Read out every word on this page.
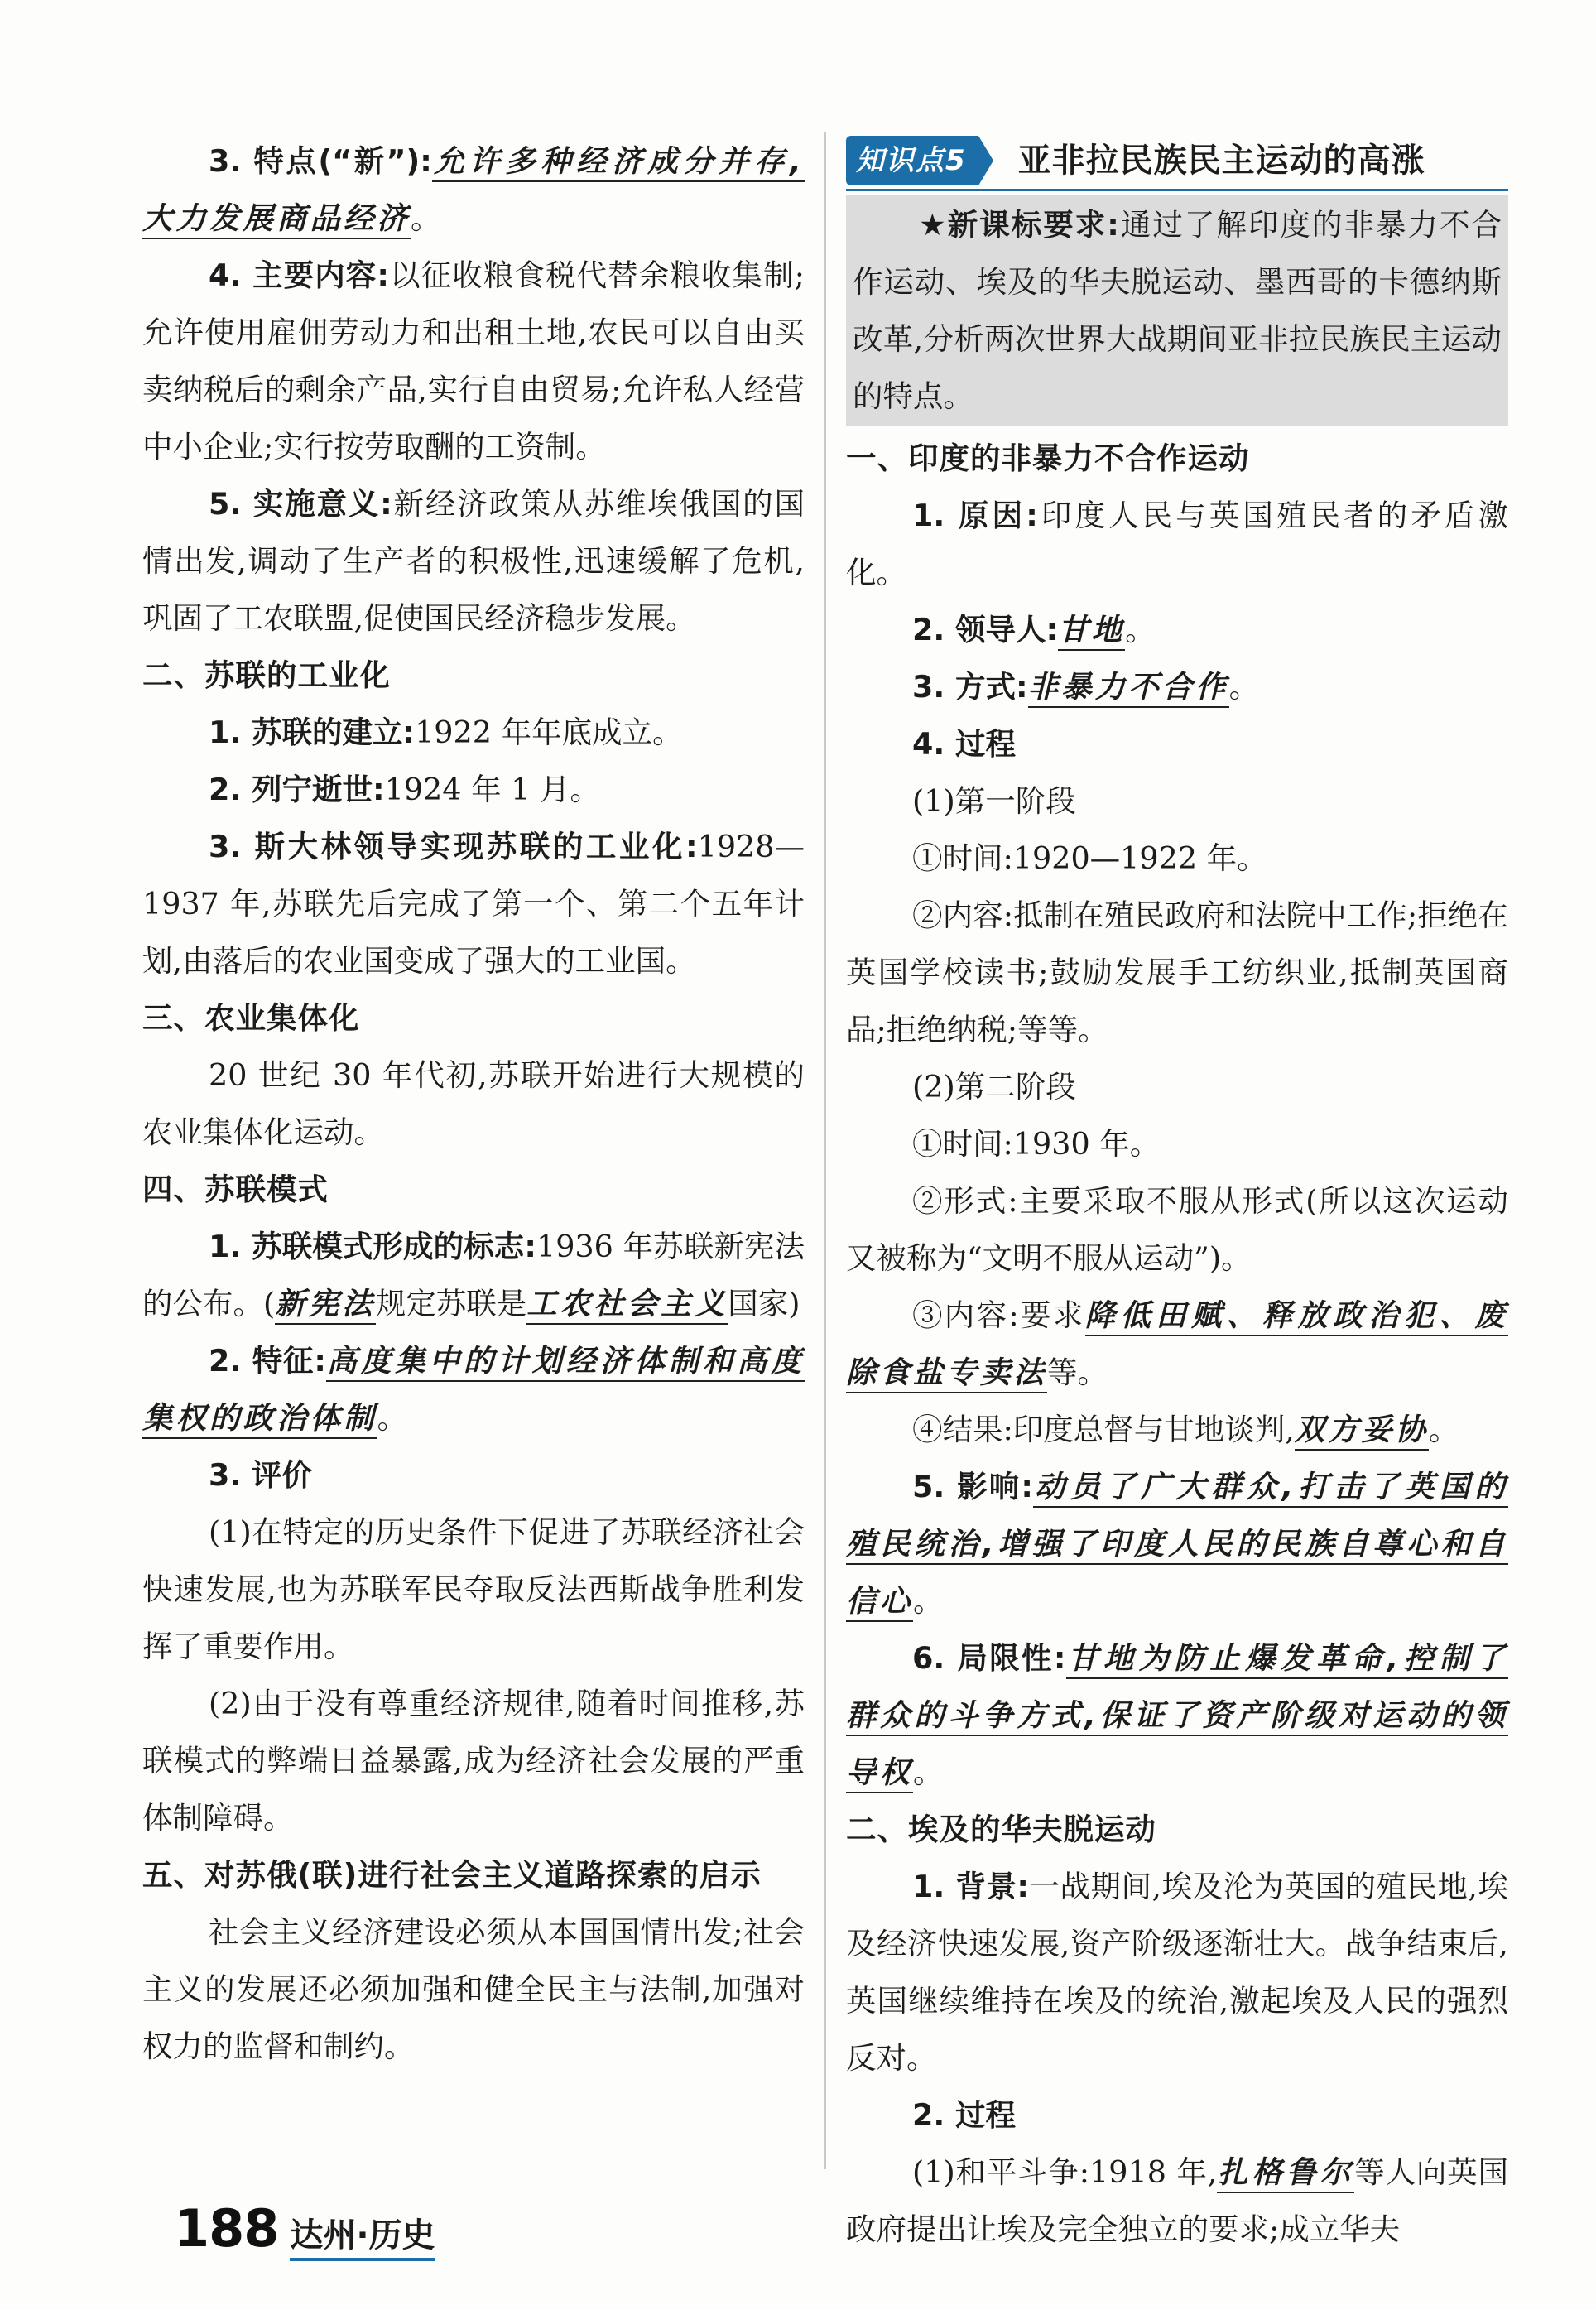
3. 特点(“新”):允许多种经济成分并存,大力发展商品经济。

4. 主要内容:以征收粮食税代替余粮收集制;允许使用雇佣劳动力和出租土地,农民可以自由买卖纳税后的剩余产品,实行自由贸易;允许私人经营中小企业;实行按劳取酬的工资制。

5. 实施意义:新经济政策从苏维埃俄国的国情出发,调动了生产者的积极性,迅速缓解了危机,巩固了工农联盟,促使国民经济稳步发展。

二、苏联的工业化

1. 苏联的建立:1922 年年底成立。

2. 列宁逝世:1924 年 1 月。

3. 斯大林领导实现苏联的工业化:1928—1937 年,苏联先后完成了第一个、第二个五年计划,由落后的农业国变成了强大的工业国。

三、农业集体化

20 世纪 30 年代初,苏联开始进行大规模的农业集体化运动。

四、苏联模式

1. 苏联模式形成的标志:1936 年苏联新宪法的公布。(新宪法规定苏联是工农社会主义国家)

2. 特征:高度集中的计划经济体制和高度集权的政治体制。

3. 评价

(1)在特定的历史条件下促进了苏联经济社会快速发展,也为苏联军民夺取反法西斯战争胜利发挥了重要作用。

(2)由于没有尊重经济规律,随着时间推移,苏联模式的弊端日益暴露,成为经济社会发展的严重体制障碍。

五、对苏俄(联)进行社会主义道路探索的启示

社会主义经济建设必须从本国国情出发;社会主义的发展还必须加强和健全民主与法制,加强对权力的监督和制约。

知识点5	亚非拉民族民主运动的高涨

★新课标要求:通过了解印度的非暴力不合作运动、埃及的华夫脱运动、墨西哥的卡德纳斯改革,分析两次世界大战期间亚非拉民族民主运动的特点。

一、印度的非暴力不合作运动

1. 原因:印度人民与英国殖民者的矛盾激化。

2. 领导人:甘地。

3. 方式:非暴力不合作。

4. 过程

(1)第一阶段

①时间:1920—1922 年。

②内容:抵制在殖民政府和法院中工作;拒绝在英国学校读书;鼓励发展手工纺织业,抵制英国商品;拒绝纳税;等等。

(2)第二阶段

①时间:1930 年。

②形式:主要采取不服从形式(所以这次运动又被称为“文明不服从运动”)。

③内容:要求降低田赋、释放政治犯、废除食盐专卖法等。

④结果:印度总督与甘地谈判,双方妥协。

5. 影响:动员了广大群众,打击了英国的殖民统治,增强了印度人民的民族自尊心和自信心。

6. 局限性:甘地为防止爆发革命,控制了群众的斗争方式,保证了资产阶级对运动的领导权。

二、埃及的华夫脱运动

1. 背景:一战期间,埃及沦为英国的殖民地,埃及经济快速发展,资产阶级逐渐壮大。战争结束后,英国继续维持在埃及的统治,激起埃及人民的强烈反对。

2. 过程

(1)和平斗争:1918 年,扎格鲁尔等人向英国政府提出让埃及完全独立的要求;成立华夫

188 达州·历史
